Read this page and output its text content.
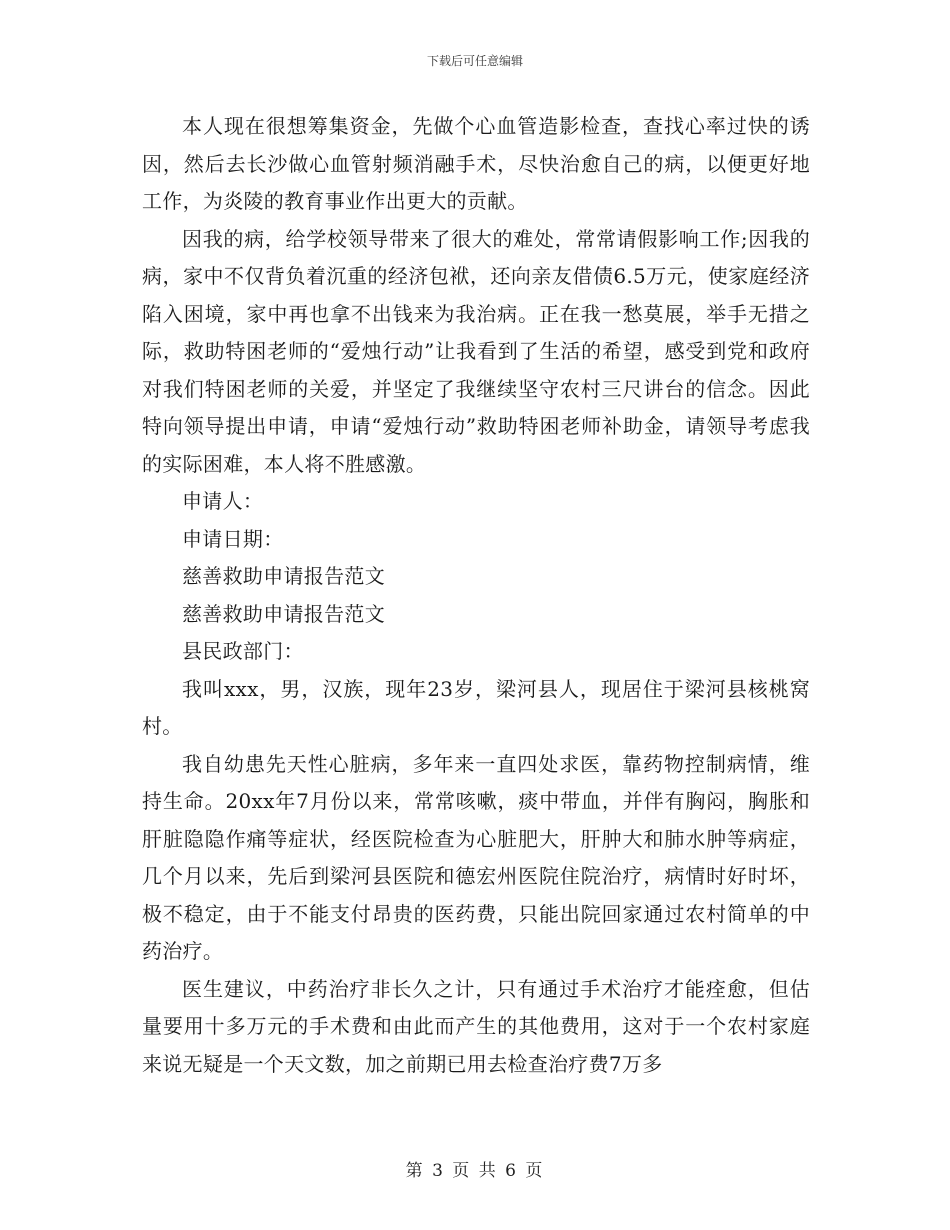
下载后可任意编辑

本人现在很想筹集资金，先做个心血管造影检查，查找心率过快的诱因，然后去长沙做心血管射频消融手术，尽快治愈自己的病，以便更好地工作，为炎陵的教育事业作出更大的贡献。

因我的病，给学校领导带来了很大的难处，常常请假影响工作;因我的病，家中不仅背负着沉重的经济包袱，还向亲友借债6.5万元，使家庭经济陷入困境，家中再也拿不出钱来为我治病。正在我一愁莫展，举手无措之际，救助特困老师的“爱烛行动”让我看到了生活的希望，感受到党和政府对我们特困老师的关爱，并坚定了我继续坚守农村三尺讲台的信念。因此特向领导提出申请，申请“爱烛行动”救助特困老师补助金，请领导考虑我的实际困难，本人将不胜感激。

申请人：

申请日期：

慈善救助申请报告范文

慈善救助申请报告范文

县民政部门：

我叫xxx，男，汉族，现年23岁，梁河县人，现居住于梁河县核桃窝村。

我自幼患先天性心脏病，多年来一直四处求医，靠药物控制病情，维持生命。20xx年7月份以来，常常咳嗽，痰中带血，并伴有胸闷，胸胀和肝脏隐隐作痛等症状，经医院检查为心脏肥大，肝肿大和肺水肿等病症，几个月以来，先后到梁河县医院和德宏州医院住院治疗，病情时好时坏，极不稳定，由于不能支付昂贵的医药费，只能出院回家通过农村简单的中药治疗。

医生建议，中药治疗非长久之计，只有通过手术治疗才能痊愈，但估量要用十多万元的手术费和由此而产生的其他费用，这对于一个农村家庭来说无疑是一个天文数，加之前期已用去检查治疗费7万多

第 3 页 共 6 页
